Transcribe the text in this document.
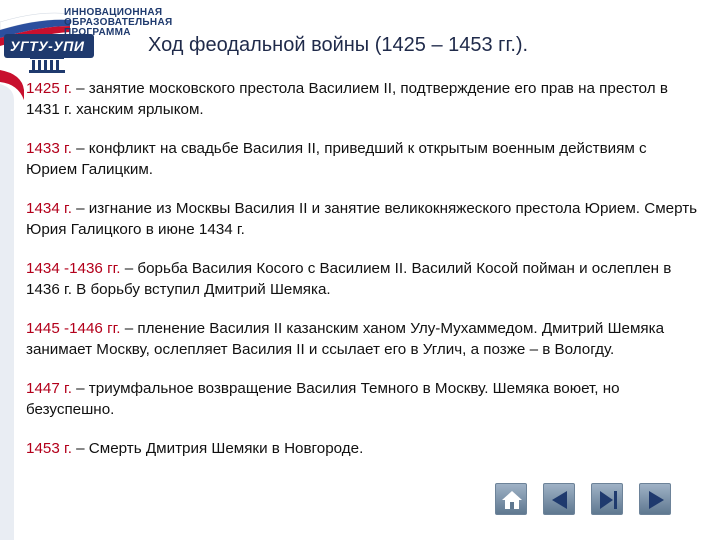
ИННОВАЦИОННАЯ
ОБРАЗОВАТЕЛЬНАЯ
ПРОГРАММА
УГТУ-УПИ	Ход феодальной войны (1425 – 1453 гг.).

1425 г. – занятие московского престола Василием II, подтверждение его прав на престол в 1431 г. ханским ярлыком.

1433 г. – конфликт на свадьбе Василия II, приведший к открытым военным действиям с Юрием Галицким.

1434 г. – изгнание из Москвы Василия II и занятие великокняжеского престола Юрием. Смерть Юрия Галицкого в июне 1434 г.

1434 -1436 гг. – борьба Василия Косого с Василием II. Василий Косой пойман и ослеплен в 1436 г. В борьбу вступил Дмитрий Шемяка.

1445 -1446 гг. – пленение Василия II казанским ханом Улу-Мухаммедом. Дмитрий Шемяка занимает Москву, ослепляет Василия II и ссылает его в Углич, а позже – в Вологду.

1447 г. – триумфальное возвращение Василия Темного в Москву. Шемяка воюет, но безуспешно.

1453 г. – Смерть Дмитрия Шемяки в Новгороде.
